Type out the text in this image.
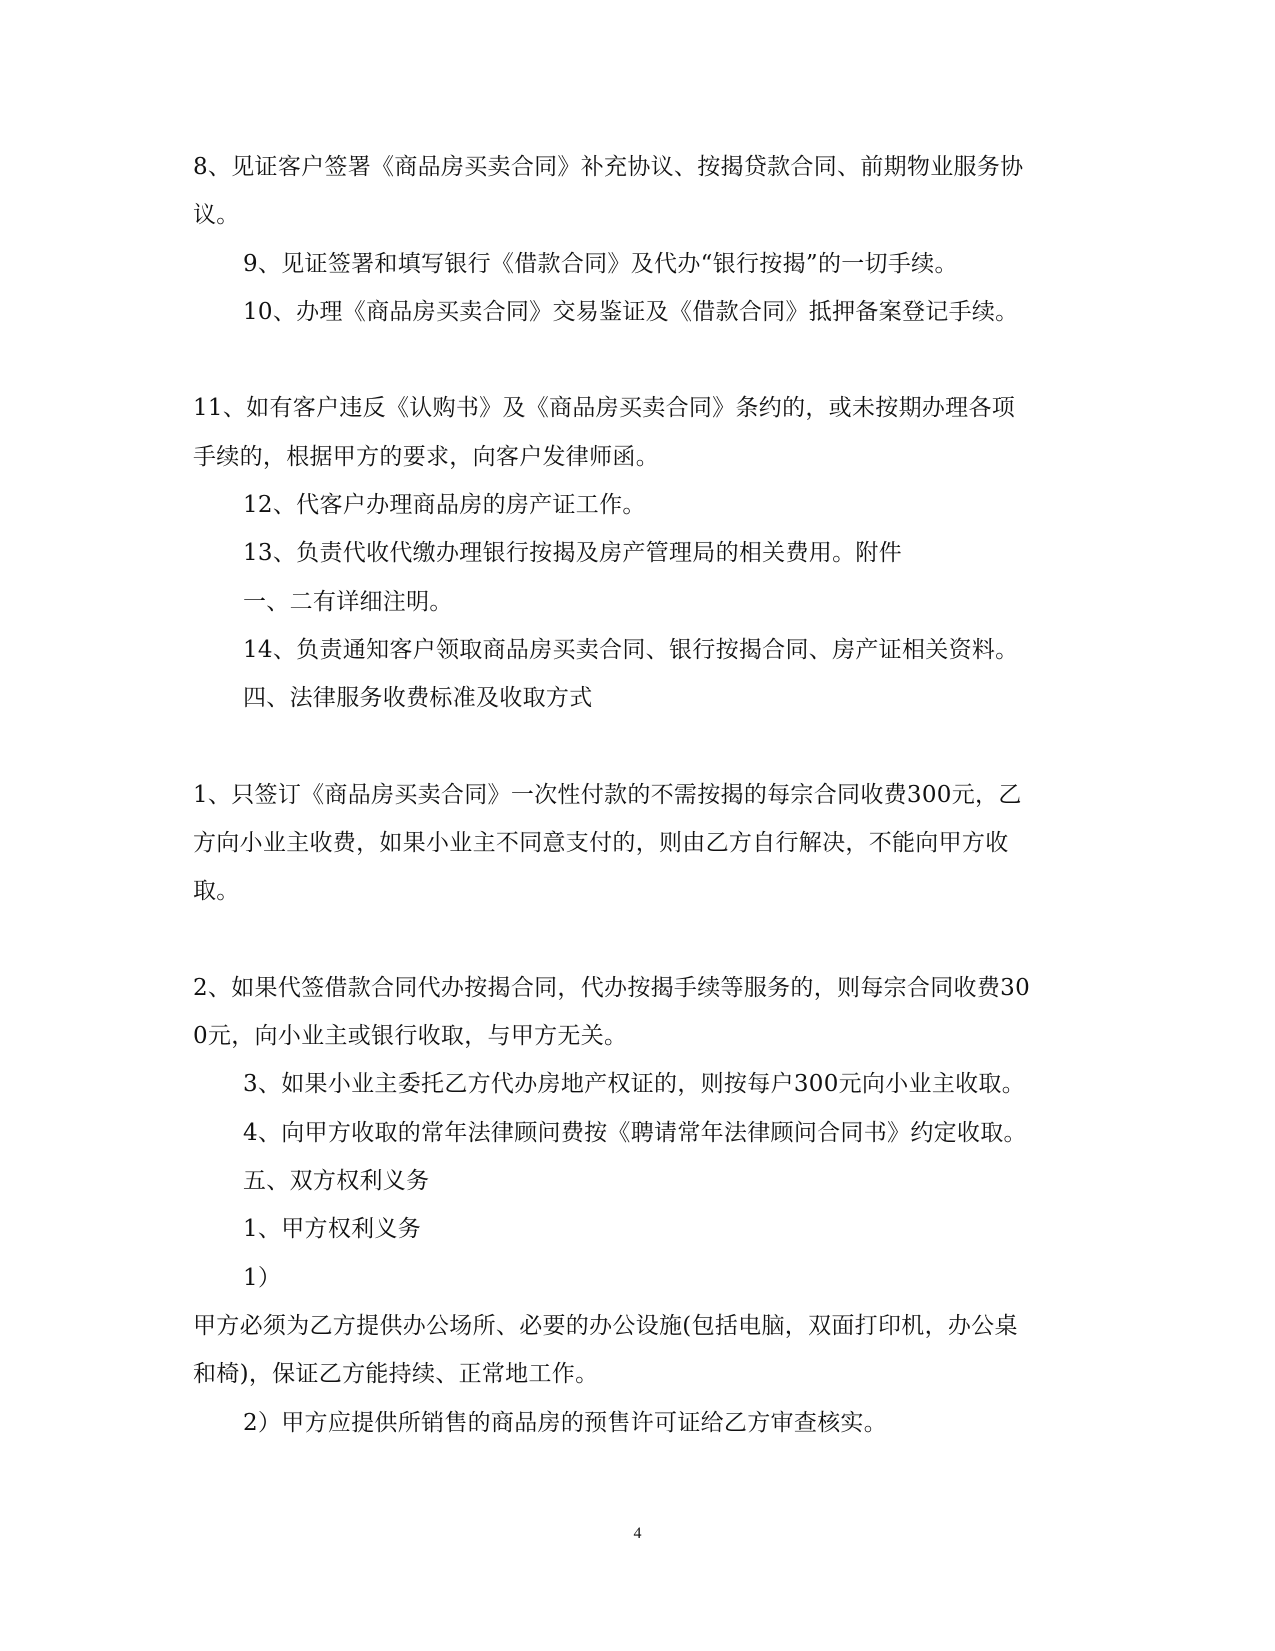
8、见证客户签署《商品房买卖合同》补充协议、按揭贷款合同、前期物业服务协
议。
9、见证签署和填写银行《借款合同》及代办“银行按揭”的一切手续。
10、办理《商品房买卖合同》交易鉴证及《借款合同》抵押备案登记手续。
11、如有客户违反《认购书》及《商品房买卖合同》条约的，或未按期办理各项
手续的，根据甲方的要求，向客户发律师函。
12、代客户办理商品房的房产证工作。
13、负责代收代缴办理银行按揭及房产管理局的相关费用。附件
一、二有详细注明。
14、负责通知客户领取商品房买卖合同、银行按揭合同、房产证相关资料。
四、法律服务收费标准及收取方式
1、只签订《商品房买卖合同》一次性付款的不需按揭的每宗合同收费300元，乙
方向小业主收费，如果小业主不同意支付的，则由乙方自行解决，不能向甲方收
取。
2、如果代签借款合同代办按揭合同，代办按揭手续等服务的，则每宗合同收费30
0元，向小业主或银行收取，与甲方无关。
3、如果小业主委托乙方代办房地产权证的，则按每户300元向小业主收取。
4、向甲方收取的常年法律顾问费按《聘请常年法律顾问合同书》约定收取。
五、双方权利义务
1、甲方权利义务
1）
甲方必须为乙方提供办公场所、必要的办公设施(包括电脑，双面打印机，办公桌
和椅)，保证乙方能持续、正常地工作。
2）甲方应提供所销售的商品房的预售许可证给乙方审查核实。
4
